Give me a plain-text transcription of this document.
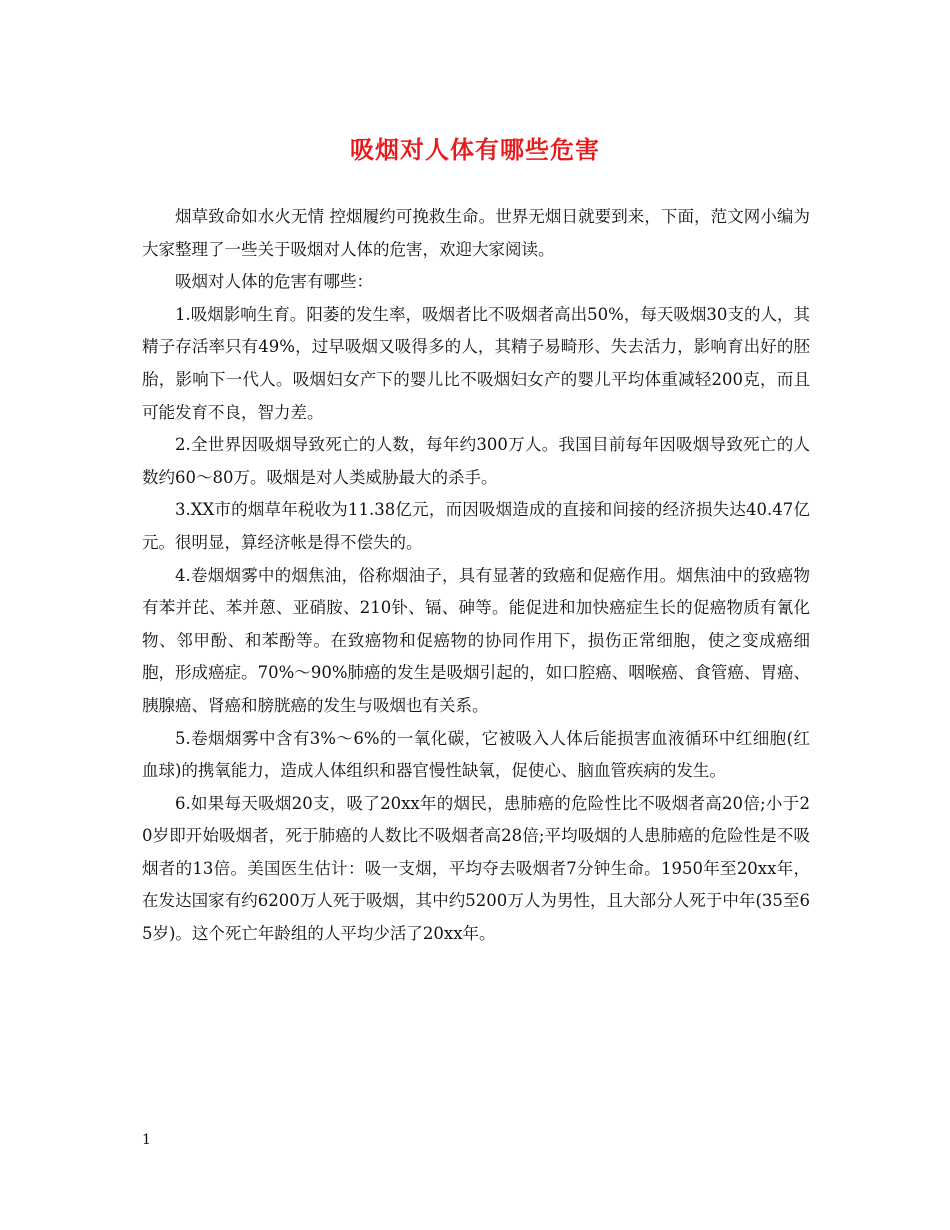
吸烟对人体有哪些危害

烟草致命如水火无情 控烟履约可挽救生命。世界无烟日就要到来，下面，范文网小编为大家整理了一些关于吸烟对人体的危害，欢迎大家阅读。

吸烟对人体的危害有哪些：

1.吸烟影响生育。阳萎的发生率，吸烟者比不吸烟者高出50%，每天吸烟30支的人，其精子存活率只有49%，过早吸烟又吸得多的人，其精子易畸形、失去活力，影响育出好的胚胎，影响下一代人。吸烟妇女产下的婴儿比不吸烟妇女产的婴儿平均体重减轻200克，而且可能发育不良，智力差。

2.全世界因吸烟导致死亡的人数，每年约300万人。我国目前每年因吸烟导致死亡的人数约60～80万。吸烟是对人类威胁最大的杀手。

3.XX市的烟草年税收为11.38亿元，而因吸烟造成的直接和间接的经济损失达40.47亿元。很明显，算经济帐是得不偿失的。

4.卷烟烟雾中的烟焦油，俗称烟油子，具有显著的致癌和促癌作用。烟焦油中的致癌物有苯并芘、苯并蒽、亚硝胺、210钋、镉、砷等。能促进和加快癌症生长的促癌物质有氰化物、邻甲酚、和苯酚等。在致癌物和促癌物的协同作用下，损伤正常细胞，使之变成癌细胞，形成癌症。70%～90%肺癌的发生是吸烟引起的，如口腔癌、咽喉癌、食管癌、胃癌、胰腺癌、肾癌和膀胱癌的发生与吸烟也有关系。

5.卷烟烟雾中含有3%～6%的一氧化碳，它被吸入人体后能损害血液循环中红细胞(红血球)的携氧能力，造成人体组织和器官慢性缺氧，促使心、脑血管疾病的发生。

6.如果每天吸烟20支，吸了20xx年的烟民，患肺癌的危险性比不吸烟者高20倍;小于20岁即开始吸烟者，死于肺癌的人数比不吸烟者高28倍;平均吸烟的人患肺癌的危险性是不吸烟者的13倍。美国医生估计：吸一支烟，平均夺去吸烟者7分钟生命。1950年至20xx年，在发达国家有约6200万人死于吸烟，其中约5200万人为男性，且大部分人死于中年(35至65岁)。这个死亡年龄组的人平均少活了20xx年。

1
